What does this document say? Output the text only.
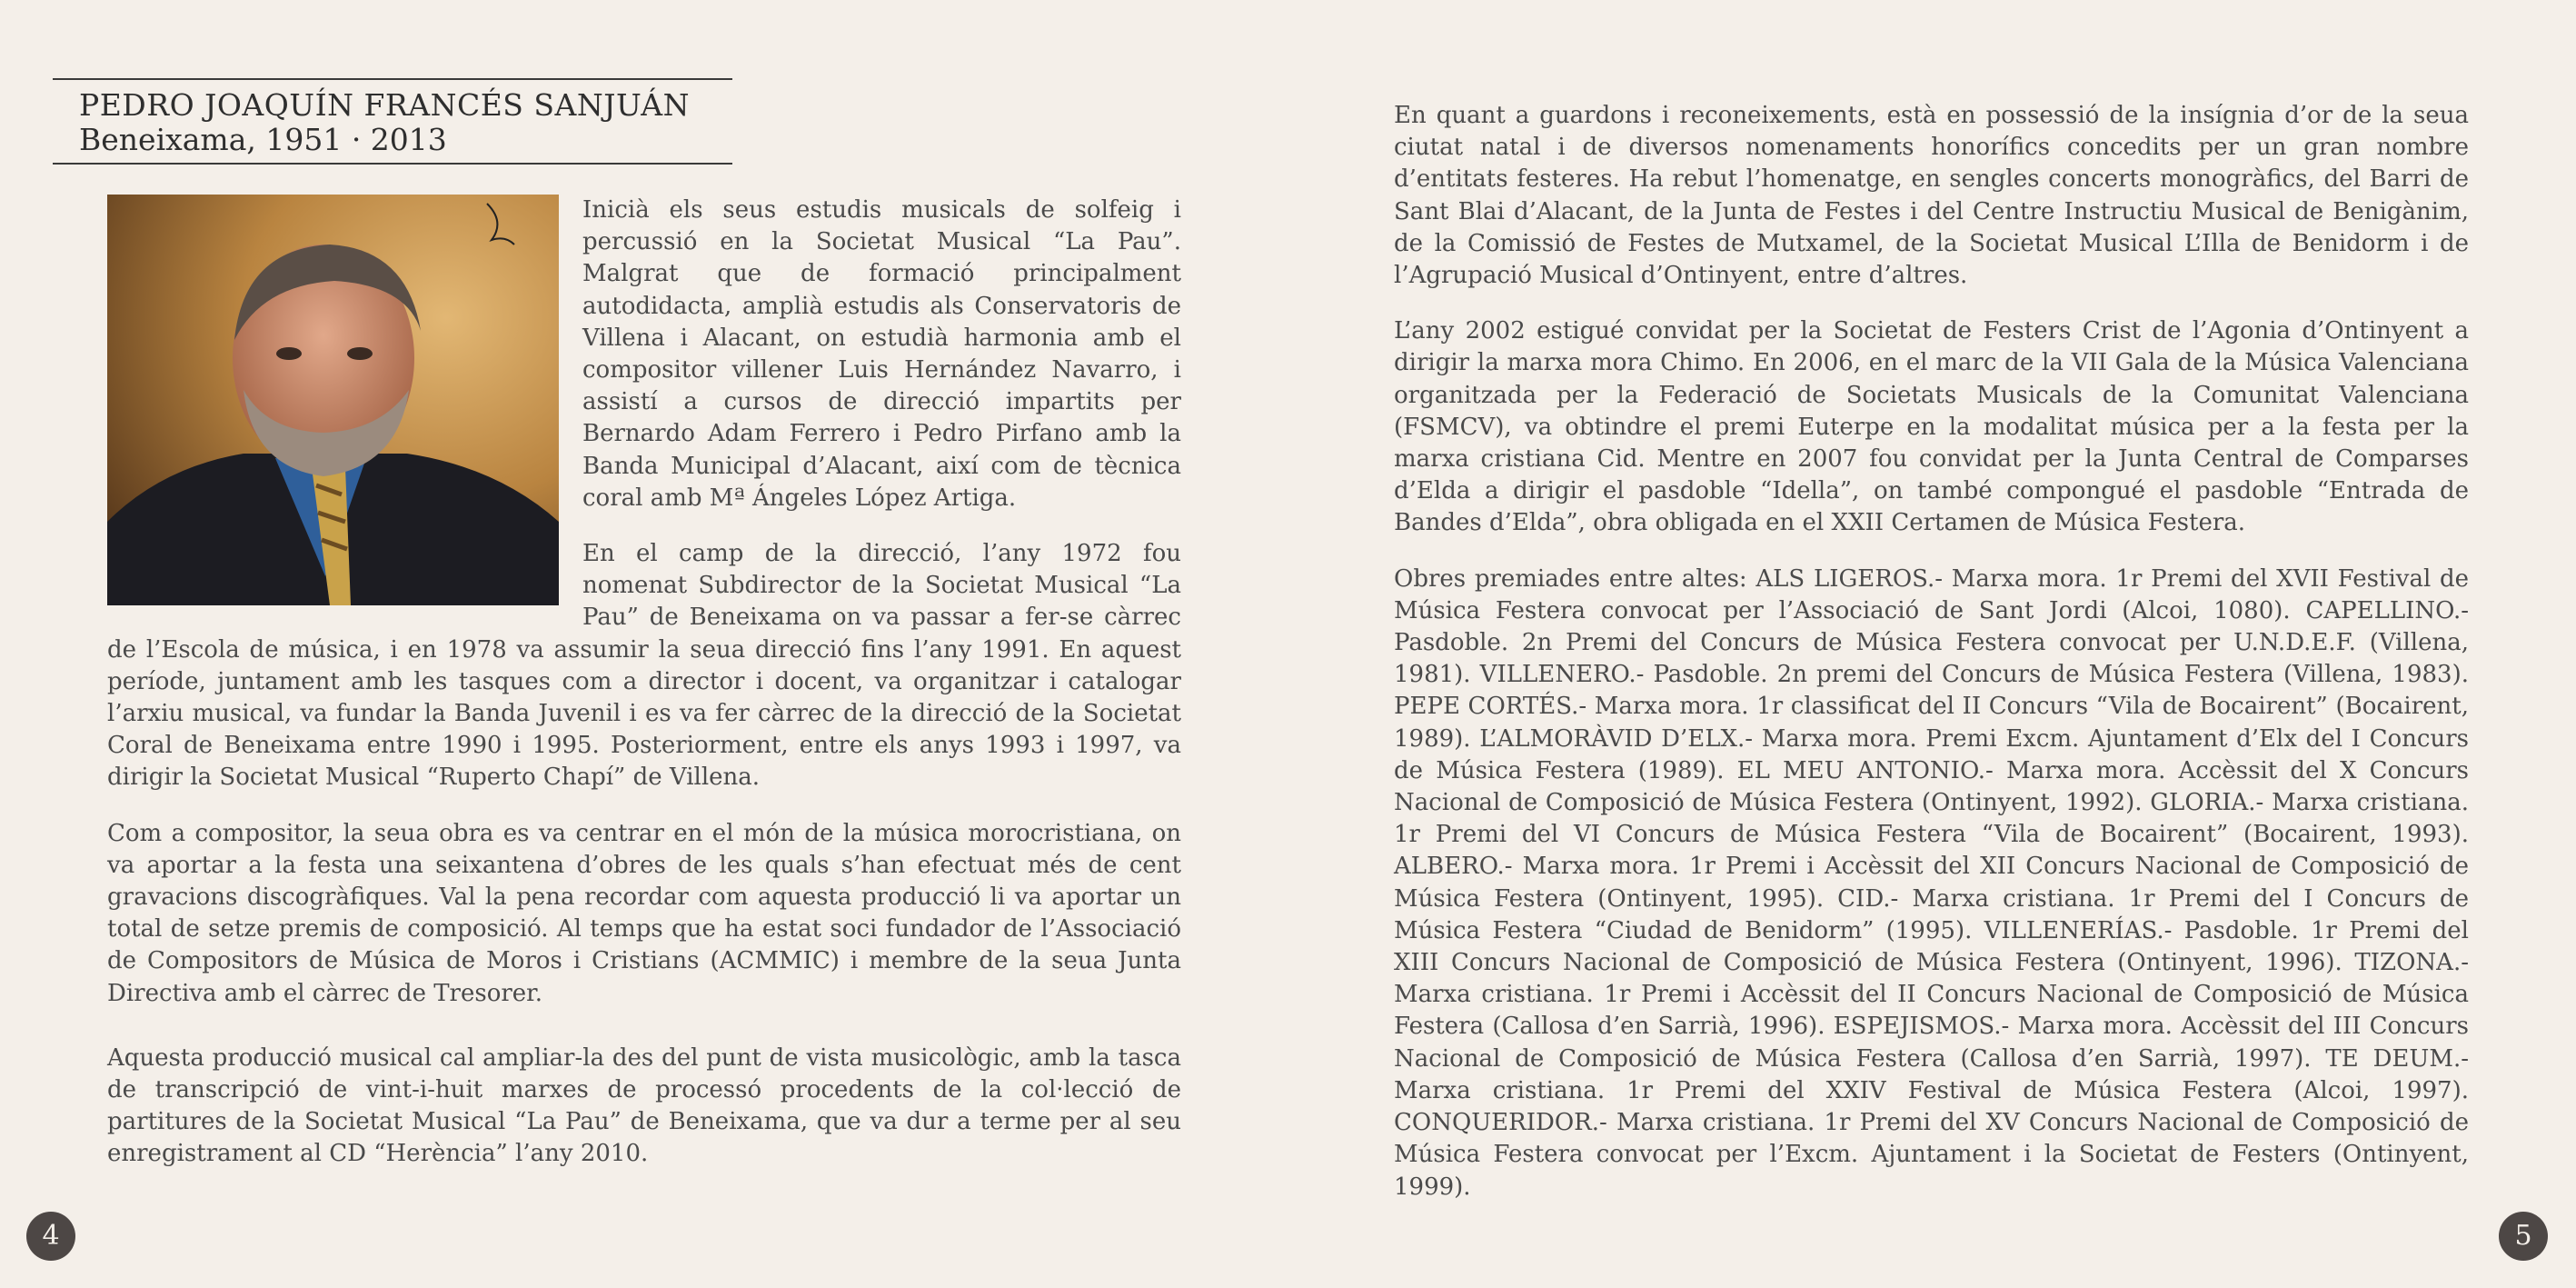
PEDRO JOAQUÍN FRANCÉS SANJUÁN
Beneixama, 1951 · 2013

Inicià els seus estudis musicals de solfeig i percussió en la Societat Musical “La Pau”. Malgrat que de formació principalment autodidacta, amplià estudis als Conservatoris de Villena i Alacant, on estudià harmonia amb el compositor villener Luis Hernández Navarro, i assistí a cursos de direcció impartits per Bernardo Adam Ferrero i Pedro Pirfano amb la Banda Municipal d’Alacant, així com de tècnica coral amb Mª Ángeles López Artiga.

En el camp de la direcció, l’any 1972 fou nomenat Subdirector de la Societat Musical “La Pau” de Beneixama on va passar a fer-se càrrec de l’Escola de música, i en 1978 va assumir la seua direcció fins l’any 1991. En aquest període, juntament amb les tasques com a director i docent, va organitzar i catalogar l’arxiu musical, va fundar la Banda Juvenil i es va fer càrrec de la direcció de la Societat Coral de Beneixama entre 1990 i 1995. Posteriorment, entre els anys 1993 i 1997, va dirigir la Societat Musical “Ruperto Chapí” de Villena.

Com a compositor, la seua obra es va centrar en el món de la música morocristiana, on va aportar a la festa una seixantena d’obres de les quals s’han efectuat més de cent gravacions discogràfiques. Val la pena recordar com aquesta producció li va aportar un total de setze premis de composició. Al temps que ha estat soci fundador de l’Associació de Compositors de Música de Moros i Cristians (ACMMIC) i membre de la seua Junta Directiva amb el càrrec de Tresorer.

Aquesta producció musical cal ampliar-la des del punt de vista musicològic, amb la tasca de transcripció de vint-i-huit marxes de processó procedents de la col·lecció de partitures de la Societat Musical “La Pau” de Beneixama, que va dur a terme per al seu enregistrament al CD “Herència” l’any 2010.

4

En quant a guardons i reconeixements, està en possessió de la insígnia d’or de la seua ciutat natal i de diversos nomenaments honorífics concedits per un gran nombre d’entitats festeres. Ha rebut l’homenatge, en sengles concerts monogràfics, del Barri de Sant Blai d’Alacant, de la Junta de Festes i del Centre Instructiu Musical de Benigànim, de la Comissió de Festes de Mutxamel, de la Societat Musical L’Illa de Benidorm i de l’Agrupació Musical d’Ontinyent, entre d’altres.

L’any 2002 estigué convidat per la Societat de Festers Crist de l’Agonia d’Ontinyent a dirigir la marxa mora Chimo. En 2006, en el marc de la VII Gala de la Música Valenciana organitzada per la Federació de Societats Musicals de la Comunitat Valenciana (FSMCV), va obtindre el premi Euterpe en la modalitat música per a la festa per la marxa cristiana Cid. Mentre en 2007 fou convidat per la Junta Central de Comparses d’Elda a dirigir el pasdoble “Idella”, on també compongué el pasdoble “Entrada de Bandes d’Elda”, obra obligada en el XXII Certamen de Música Festera.

Obres premiades entre altes: ALS LIGEROS.- Marxa mora. 1r Premi del XVII Festival de Música Festera convocat per l’Associació de Sant Jordi (Alcoi, 1080). CAPELLINO.- Pasdoble. 2n Premi del Concurs de Música Festera convocat per U.N.D.E.F. (Villena, 1981). VILLENERO.- Pasdoble. 2n premi del Concurs de Música Festera (Villena, 1983). PEPE CORTÉS.- Marxa mora. 1r classificat del II Concurs “Vila de Bocairent” (Bocairent, 1989). L’ALMORÀVID D’ELX.- Marxa mora. Premi Excm. Ajuntament d’Elx del I Concurs de Música Festera (1989). EL MEU ANTONIO.- Marxa mora. Accèssit del X Concurs Nacional de Composició de Música Festera (Ontinyent, 1992). GLORIA.- Marxa cristiana. 1r Premi del VI Concurs de Música Festera “Vila de Bocairent” (Bocairent, 1993). ALBERO.- Marxa mora. 1r Premi i Accèssit del XII Concurs Nacional de Composició de Música Festera (Ontinyent, 1995). CID.- Marxa cristiana. 1r Premi del I Concurs de Música Festera “Ciudad de Benidorm” (1995). VILLENERÍAS.- Pasdoble. 1r Premi del XIII Concurs Nacional de Composició de Música Festera (Ontinyent, 1996). TIZONA.- Marxa cristiana. 1r Premi i Accèssit del II Concurs Nacional de Composició de Música Festera (Callosa d’en Sarrià, 1996). ESPEJISMOS.- Marxa mora. Accèssit del III Concurs Nacional de Composició de Música Festera (Callosa d’en Sarrià, 1997). TE DEUM.- Marxa cristiana. 1r Premi del XXIV Festival de Música Festera (Alcoi, 1997). CONQUERIDOR.- Marxa cristiana. 1r Premi del XV Concurs Nacional de Composició de Música Festera convocat per l’Excm. Ajuntament i la Societat de Festers (Ontinyent, 1999).

5
